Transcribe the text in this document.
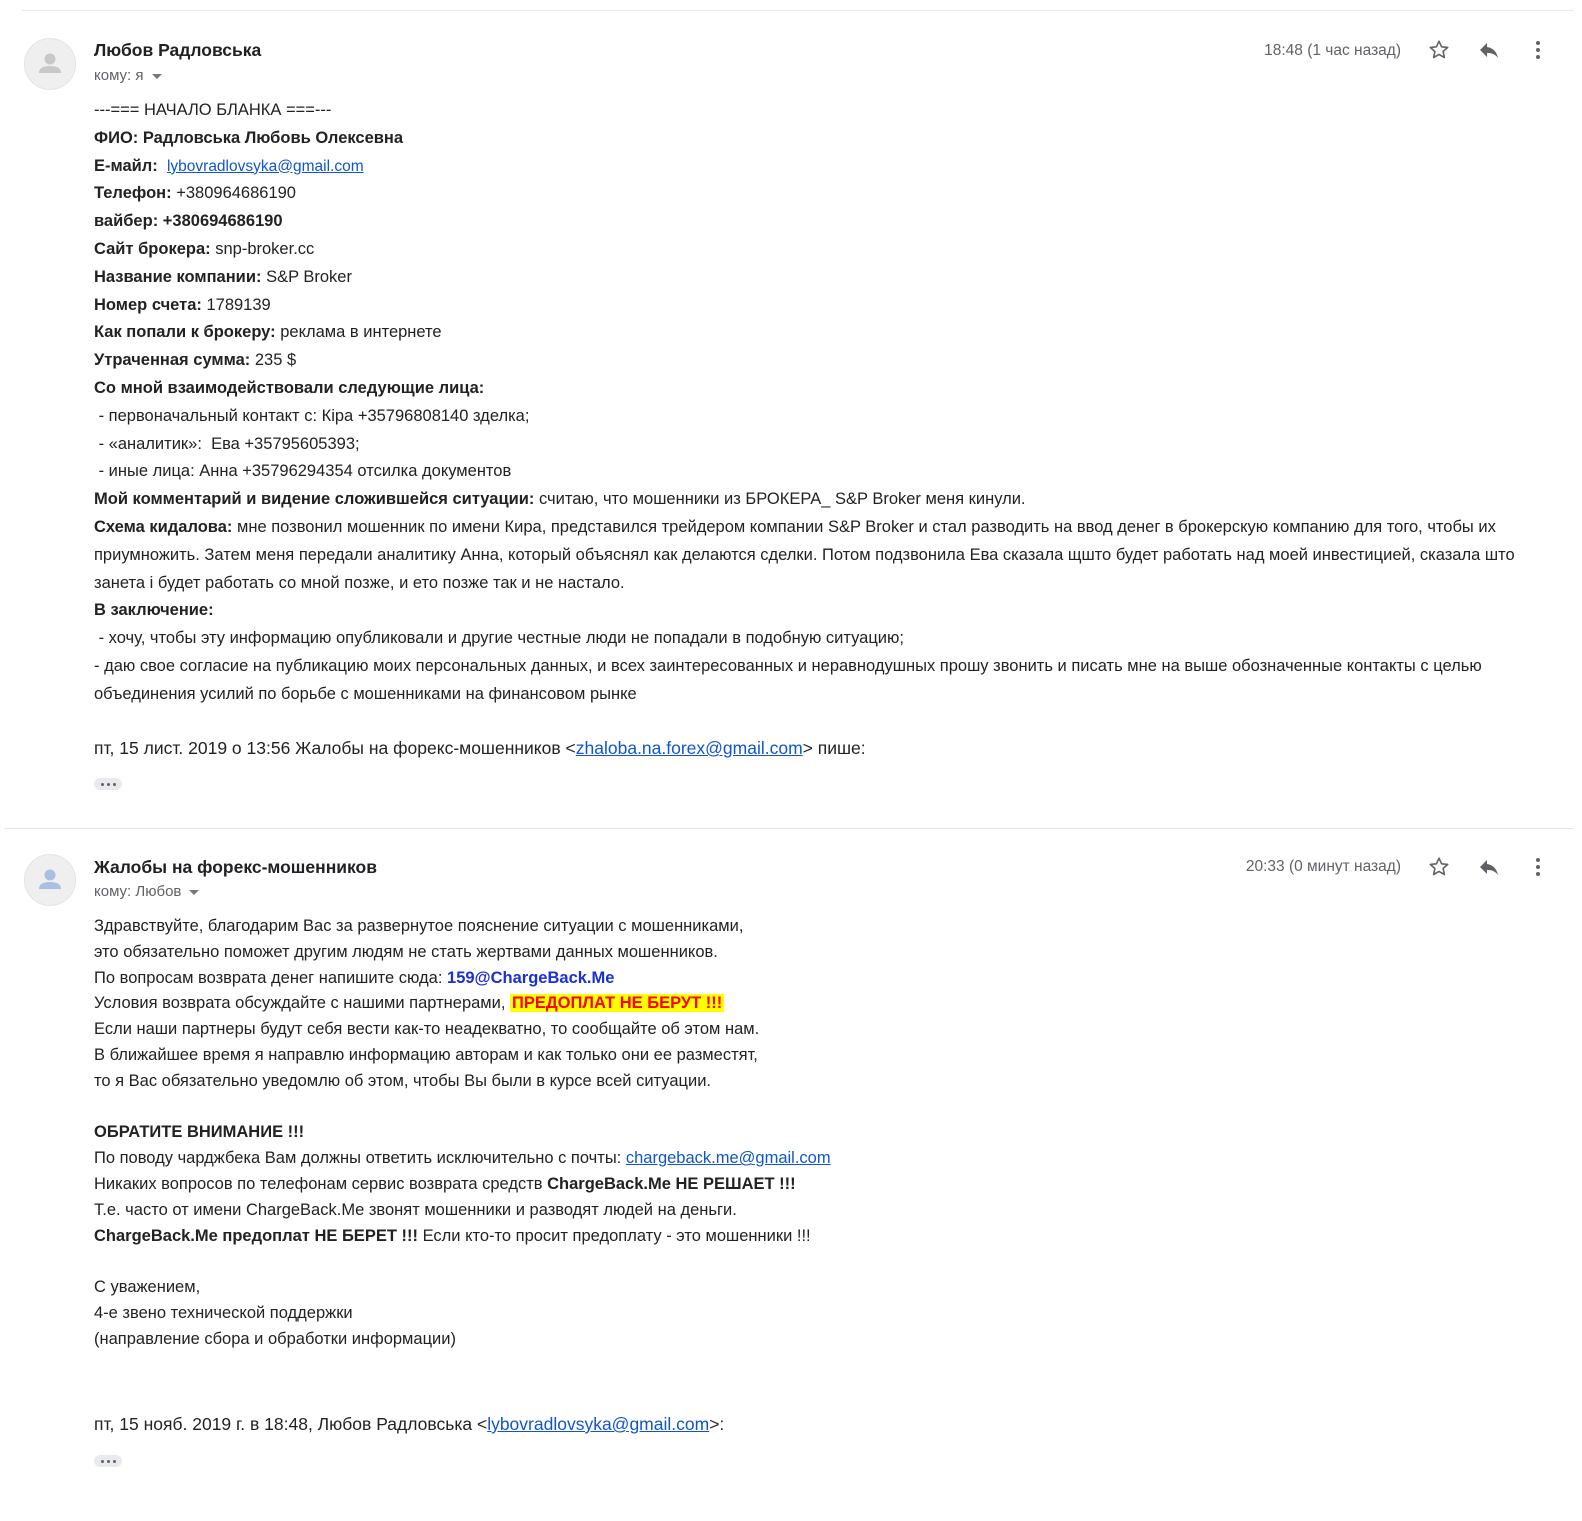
Любов Радловська
кому: я
18:48 (1 час назад)
---=== НАЧАЛО БЛАНКА ===---
ФИО: Радловська Любовь Олексевна
Е-майл: lybovradlovsyka@gmail.com
Телефон: +380964686190
вайбер: +380694686190
Сайт брокера: snp-broker.cc
Название компании: S&P Broker
Номер счета: 1789139
Как попали к брокеру: реклама в интернете
Утраченная сумма: 235 $
Со мной взаимодействовали следующие лица:
- первоначальный контакт с: Кіра +35796808140 зделка;
- «аналитик»:  Ева +35795605393;
- иные лица: Анна +35796294354 отсилка документов
Мой комментарий и видение сложившейся ситуации: считаю, что мошенники из БРОКЕРА_ S&P Broker меня кинули.
Схема кидалова: мне позвонил мошенник по имени Кира, представился трейдером компании S&P Broker и стал разводить на ввод денег в брокерскую компанию для того, чтобы их приумножить. Затем меня передали аналитику Анна, который объяснял как делаются сделки. Потом подзвонила Ева сказала щшто будет работать над моей инвестицией, сказала што занета і будет работать со мной позже, и ето позже так и не настало.
В заключение:
- хочу, чтобы эту информацию опубликовали и другие честные люди не попадали в подобную ситуацию;
- даю свое согласие на публикацию моих персональных данных, и всех заинтересованных и неравнодушных прошу звонить и писать мне на выше обозначенные контакты с целью объединения усилий по борьбе с мошенниками на финансовом рынке
пт, 15 лист. 2019 о 13:56 Жалобы на форекс-мошенников <zhaloba.na.forex@gmail.com> пише:
Жалобы на форекс-мошенников
кому: Любов
20:33 (0 минут назад)
Здравствуйте, благодарим Вас за развернутое пояснение ситуации с мошенниками,
это обязательно поможет другим людям не стать жертвами данных мошенников.
По вопросам возврата денег напишите сюда: 159@ChargeBack.Me
Условия возврата обсуждайте с нашими партнерами, ПРЕДОПЛАТ НЕ БЕРУТ !!!
Если наши партнеры будут себя вести как-то неадекватно, то сообщайте об этом нам.
В ближайшее время я направлю информацию авторам и как только они ее разместят,
то я Вас обязательно уведомлю об этом, чтобы Вы были в курсе всей ситуации.
ОБРАТИТЕ ВНИМАНИЕ !!!
По поводу чарджбека Вам должны ответить исключительно с почты: chargeback.me@gmail.com
Никаких вопросов по телефонам сервис возврата средств ChargeBack.Me НЕ РЕШАЕТ !!!
Т.е. часто от имени ChargeBack.Me звонят мошенники и разводят людей на деньги.
ChargeBack.Me предоплат НЕ БЕРЕТ !!! Если кто-то просит предоплату - это мошенники !!!
С уважением,
4-е звено технической поддержки
(направление сбора и обработки информации)
пт, 15 нояб. 2019 г. в 18:48, Любов Радловська <lybovradlovsyka@gmail.com>:
